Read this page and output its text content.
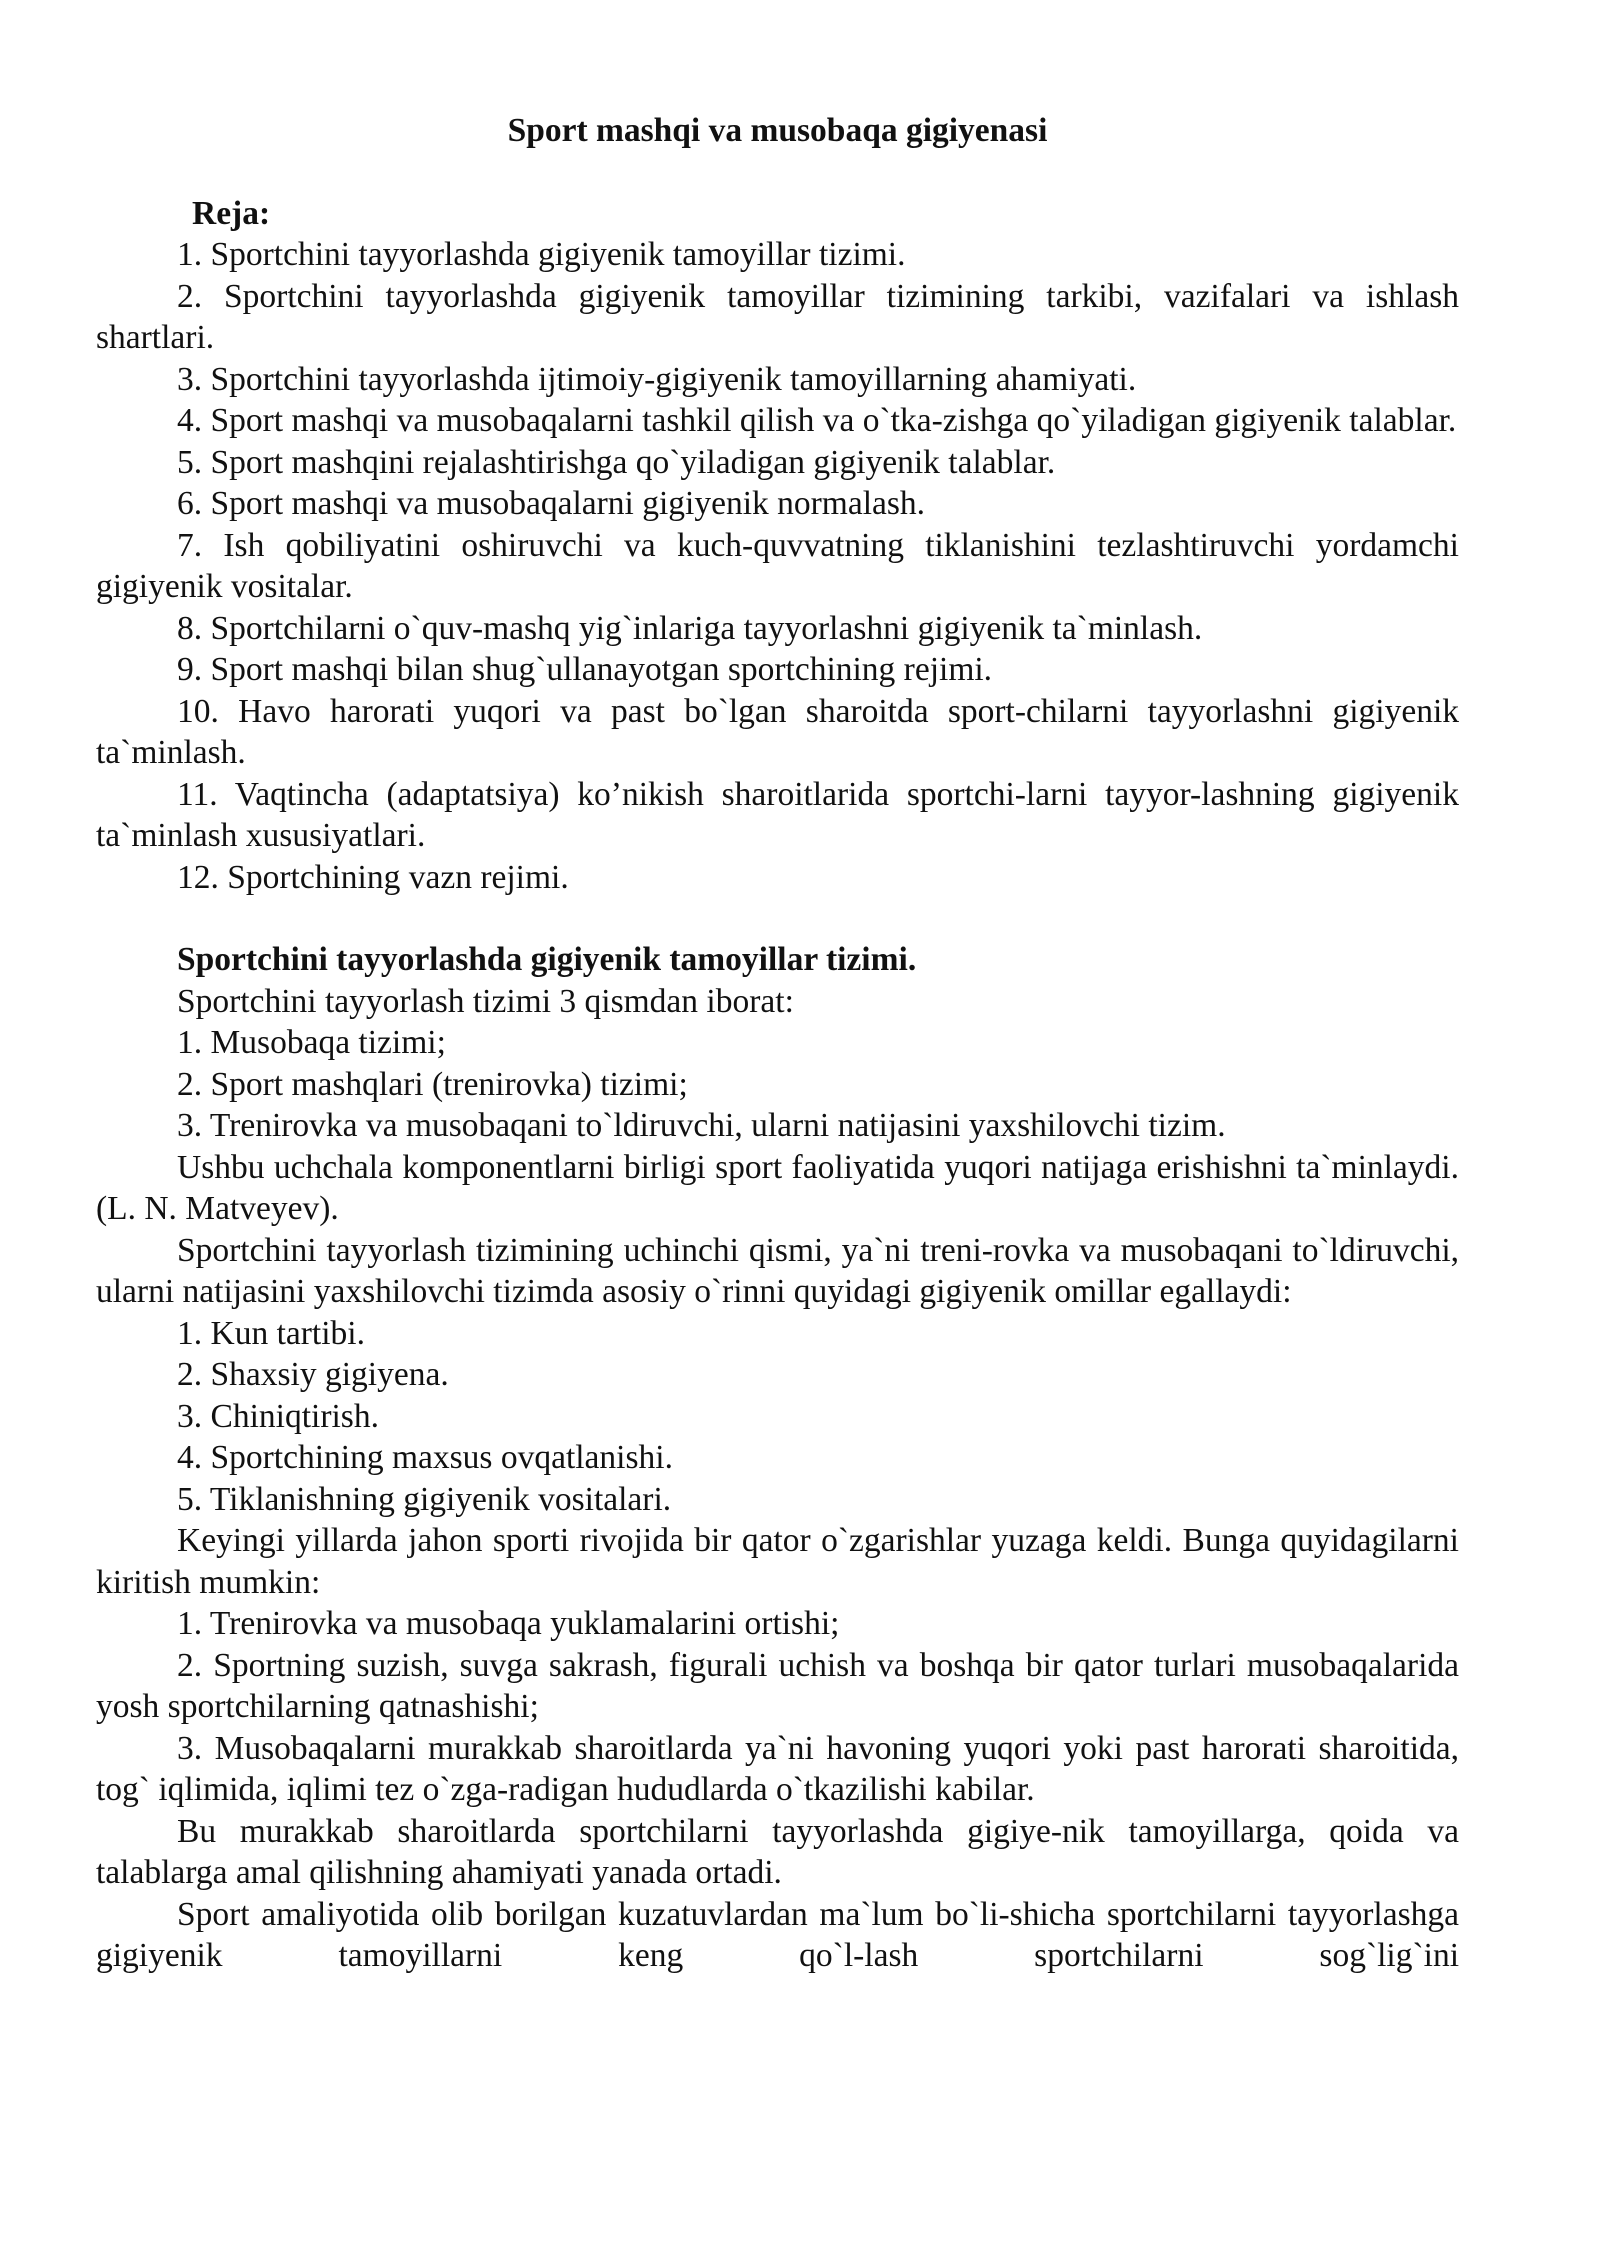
Sport mashqi va musobaqa gigiyenasi
Reja:

1. Sportchini tayyorlashda gigiyenik tamoyillar tizimi.

2. Sportchini tayyorlashda gigiyenik tamoyillar tizimining tarkibi, vazifalari va ishlash shartlari.

3. Sportchini tayyorlashda ijtimoiy-gigiyenik tamoyillarning ahamiyati.

4. Sport mashqi va musobaqalarni tashkil qilish va o`tka-zishga qo`yiladigan gigiyenik talablar.

5. Sport mashqini rejalashtirishga qo`yiladigan gigiyenik talablar.

6. Sport mashqi va musobaqalarni gigiyenik normalash.

7. Ish qobiliyatini oshiruvchi va kuch-quvvatning tiklanishini tezlashtiruvchi yordamchi gigiyenik vositalar.

8. Sportchilarni o`quv-mashq yig`inlariga tayyorlashni gigiyenik ta`minlash.

9. Sport mashqi bilan shug`ullanayotgan sportchining rejimi.

10. Havo harorati yuqori va past bo`lgan sharoitda sport-chilarni tayyorlashni gigiyenik ta`minlash.

11. Vaqtincha (adaptatsiya) ko’nikish sharoitlarida sportchi-larni tayyor-lashning gigiyenik ta`minlash xususiyatlari.

12. Sportchining vazn rejimi.

Sportchini tayyorlashda gigiyenik tamoyillar tizimi.

Sportchini tayyorlash tizimi 3 qismdan iborat:

1. Musobaqa tizimi;

2. Sport mashqlari (trenirovka) tizimi;

3. Trenirovka va musobaqani to`ldiruvchi, ularni natijasini yaxshilovchi tizim.

Ushbu uchchala komponentlarni birligi sport faoliyatida yuqori natijaga erishishni ta`minlaydi.(L. N. Matveyev).

Sportchini tayyorlash tizimining uchinchi qismi, ya`ni treni-rovka va musobaqani to`ldiruvchi, ularni natijasini yaxshilovchi tizimda asosiy o`rinni quyidagi gigiyenik omillar egallaydi:

1. Kun tartibi.

2. Shaxsiy gigiyena.

3. Chiniqtirish.

4. Sportchining maxsus ovqatlanishi.

5. Tiklanishning gigiyenik vositalari.

Keyingi yillarda jahon sporti rivojida bir qator o`zgarishlar yuzaga keldi. Bunga quyidagilarni kiritish mumkin:

1. Trenirovka va musobaqa yuklamalarini ortishi;

2. Sportning suzish, suvga sakrash, figurali uchish va boshqa bir qator turlari musobaqalarida yosh sportchilarning qatnashishi;

3. Musobaqalarni murakkab sharoitlarda ya`ni havoning yuqori yoki past harorati sharoitida, tog` iqlimida, iqlimi tez o`zga-radigan hududlarda o`tkazilishi kabilar.

Bu murakkab sharoitlarda sportchilarni tayyorlashda gigiye-nik tamoyillarga, qoida va talablarga amal qilishning ahamiyati yanada ortadi.

Sport amaliyotida olib borilgan kuzatuvlardan ma`lum bo`li-shicha sportchilarni tayyorlashga gigiyenik tamoyillarni keng qo`l-lash sportchilarni sog`lig`ini
